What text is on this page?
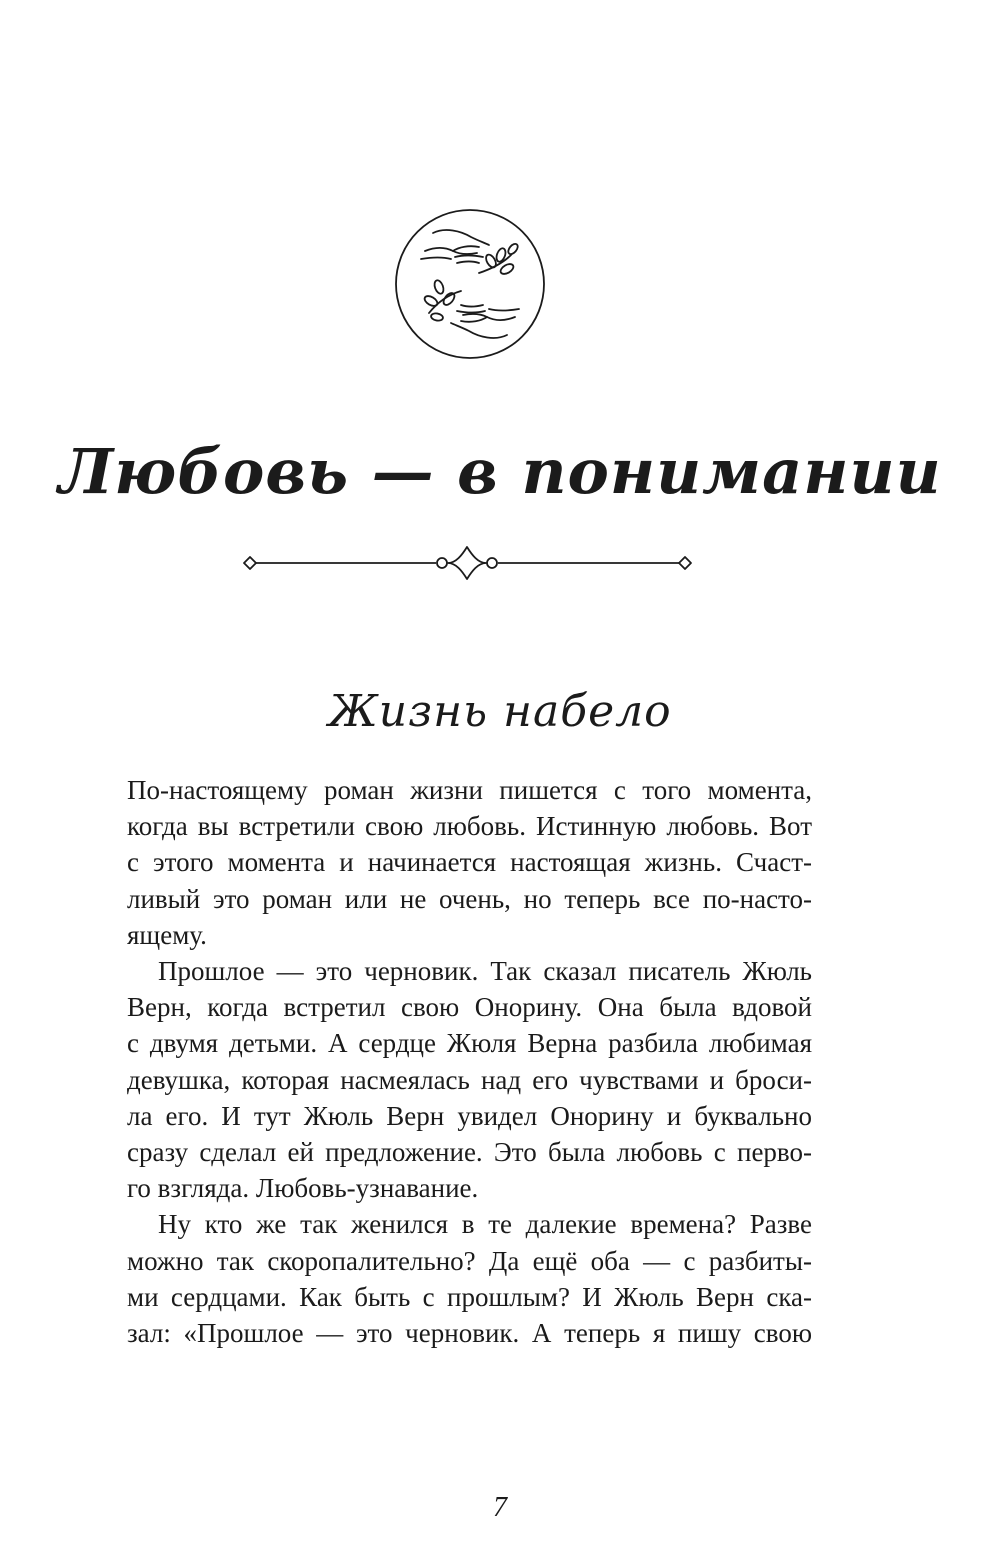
Любовь — в понимании
Жизнь набело
По-настоящему роман жизни пишется с того момента,
когда вы встретили свою любовь. Истинную любовь. Вот
с этого момента и начинается настоящая жизнь. Счаст-
ливый это роман или не очень, но теперь все по-насто-
ящему.
Прошлое — это черновик. Так сказал писатель Жюль
Верн, когда встретил свою Онорину. Она была вдовой
с двумя детьми. А сердце Жюля Верна разбила любимая
девушка, которая насмеялась над его чувствами и броси-
ла его. И тут Жюль Верн увидел Онорину и буквально
сразу сделал ей предложение. Это была любовь с перво-
го взгляда. Любовь-узнавание.
Ну кто же так женился в те далекие времена? Разве
можно так скоропалительно? Да ещё оба — с разбиты-
ми сердцами. Как быть с прошлым? И Жюль Верн ска-
зал: «Прошлое — это черновик. А теперь я пишу свою
7
